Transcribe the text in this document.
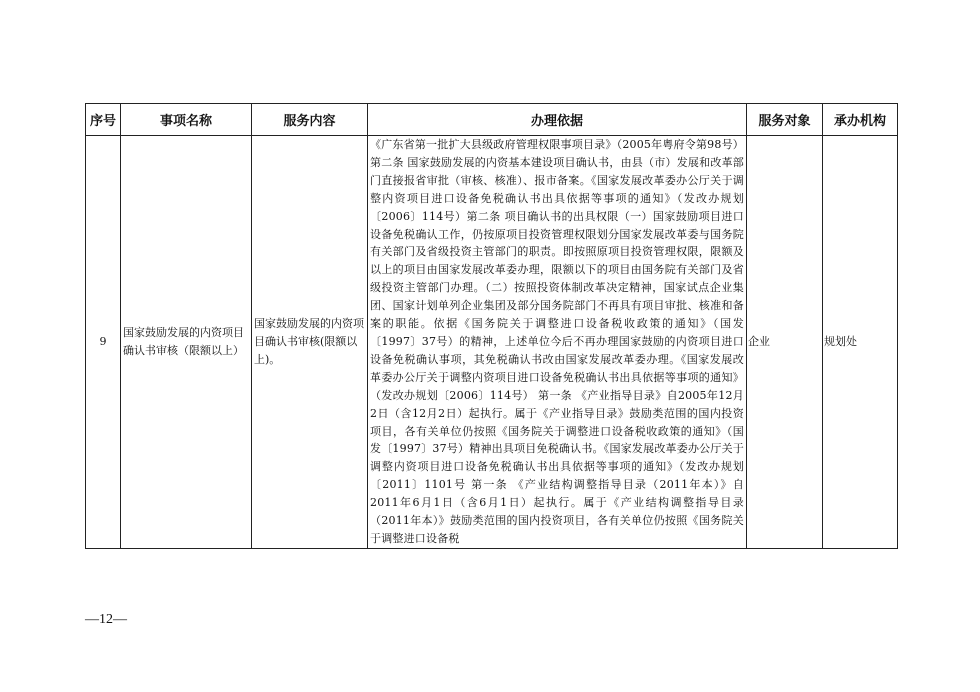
序号	事项名称	服务内容	办理依据	服务对象	承办机构
9	国家鼓励发展的内资项目确认书审核（限额以上）	国家鼓励发展的内资项目确认书审核(限额以上)。	《广东省第一批扩大县级政府管理权限事项目录》（2005年粤府令第98号） 第二条 国家鼓励发展的内资基本建设项目确认书，由县（市）发展和改革部门直接报省审批（审核、核准）、报市备案。《国家发展改革委办公厅关于调整内资项目进口设备免税确认书出具依据等事项的通知》（发改办规划〔2006〕114号）第二条 项目确认书的出具权限（一）国家鼓励项目进口设备免税确认工作，仍按原项目投资管理权限划分国家发展改革委与国务院有关部门及省级投资主管部门的职责。即按照原项目投资管理权限，限额及以上的项目由国家发展改革委办理，限额以下的项目由国务院有关部门及省级投资主管部门办理。（二）按照投资体制改革决定精神，国家试点企业集团、国家计划单列企业集团及部分国务院部门不再具有项目审批、核准和备案的职能。依据《国务院关于调整进口设备税收政策的通知》（国发〔1997〕37号）的精神，上述单位今后不再办理国家鼓励的内资项目进口设备免税确认事项，其免税确认书改由国家发展改革委办理。《国家发展改革委办公厅关于调整内资项目进口设备免税确认书出具依据等事项的通知》（发改办规划〔2006〕114号） 第一条 《产业指导目录》自2005年12月2日（含12月2日）起执行。属于《产业指导目录》鼓励类范围的国内投资项目，各有关单位仍按照《国务院关于调整进口设备税收政策的通知》（国发〔1997〕37号）精神出具项目免税确认书。《国家发展改革委办公厅关于调整内资项目进口设备免税确认书出具依据等事项的通知》（发改办规划〔2011〕1101号 第一条 《产业结构调整指导目录（2011年本）》自2011年6月1日（含6月1日）起执行。属于《产业结构调整指导目录（2011年本）》鼓励类范围的国内投资项目，各有关单位仍按照《国务院关于调整进口设备税	企业	规划处
—12—
